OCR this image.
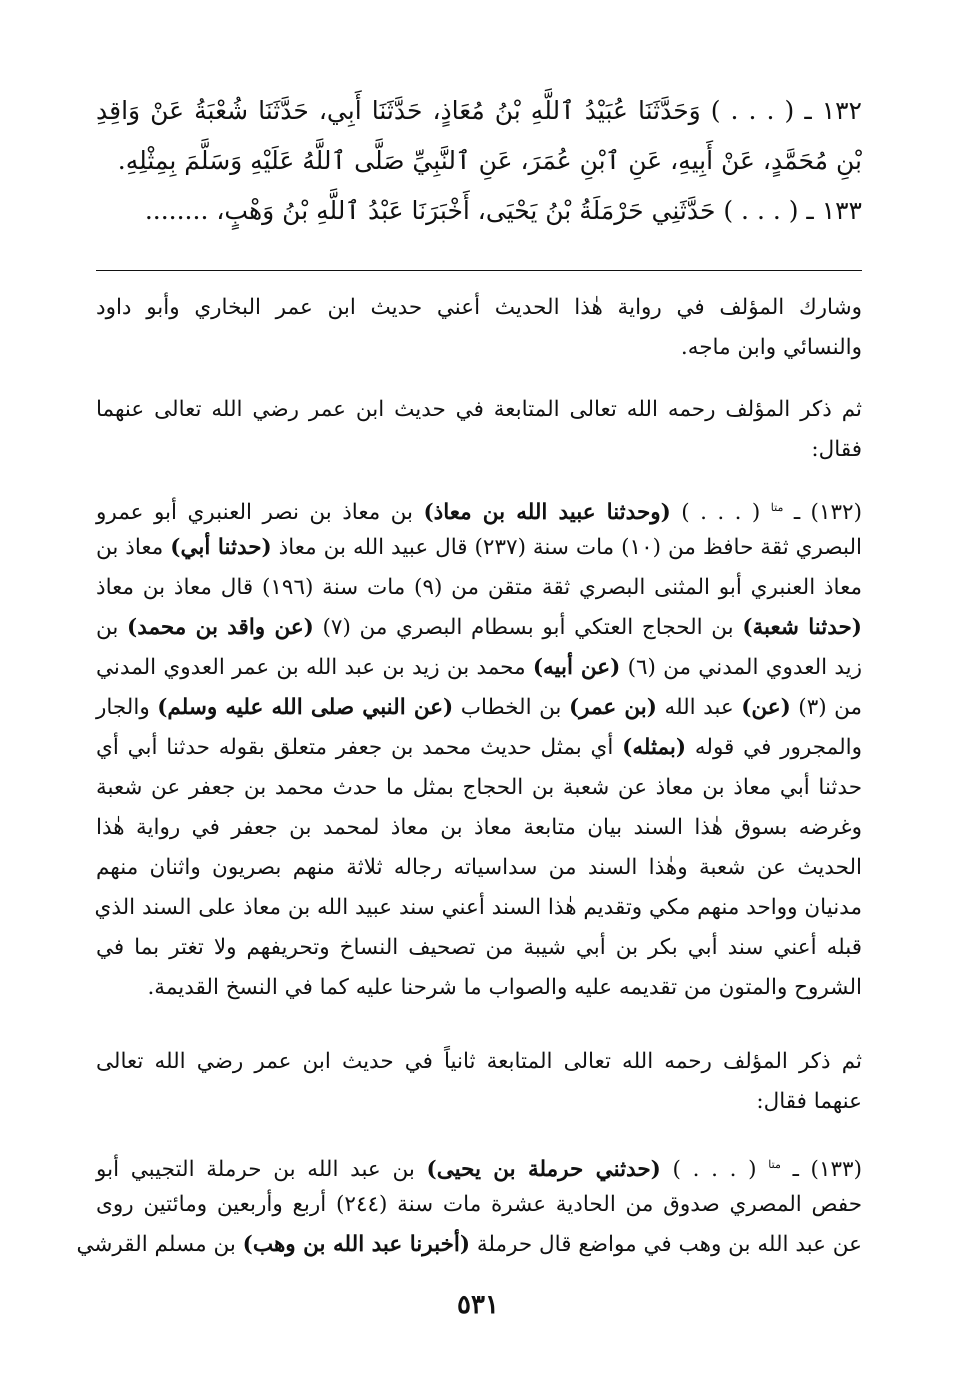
١٣٢ ـ ( . . . ) وَحَدَّثَنَا عُبَيْدُ ٱللَّهِ بْنُ مُعَاذٍ، حَدَّثَنَا أَبِي، حَدَّثَنَا شُعْبَةُ عَنْ وَاقِدِ
بْنِ مُحَمَّدٍ، عَنْ أَبِيهِ، عَنِ ٱبْنِ عُمَرَ، عَنِ ٱلنَّبِيِّ صَلَّى ٱللَّهُ عَلَيْهِ وَسَلَّمَ بِمِثْلِهِ.
١٣٣ ـ ( . . . ) حَدَّثَنِي حَرْمَلَةُ بْنُ يَحْيَى، أَخْبَرَنَا عَبْدُ ٱللَّهِ بْنُ وَهْبٍ، ........
وشارك المؤلف في رواية هٰذا الحديث أعني حديث ابن عمر البخاري وأبو داود
والنسائي وابن ماجه.
ثم ذكر المؤلف رحمه الله تعالى المتابعة في حديث ابن عمر رضي الله تعالى عنهما
فقال:
(١٣٢) ـ $^{متا}$ ( . . . ) (وحدثنا عبيد الله بن معاذ) بن معاذ بن نصر العنبري أبو عمرو
البصري ثقة حافظ من (١٠) مات سنة (٢٣٧) قال عبيد الله بن معاذ (حدثنا أبي) معاذ بن
معاذ العنبري أبو المثنى البصري ثقة متقن من (٩) مات سنة (١٩٦) قال معاذ بن معاذ
(حدثنا شعبة) بن الحجاج العتكي أبو بسطام البصري من (٧) (عن واقد بن محمد) بن
زيد العدوي المدني من (٦) (عن أبيه) محمد بن زيد بن عبد الله بن عمر العدوي المدني
من (٣) (عن) عبد الله (بن عمر) بن الخطاب (عن النبي صلى الله عليه وسلم) والجار
والمجرور في قوله (بمثله) أي بمثل حديث محمد بن جعفر متعلق بقوله حدثنا أبي أي
حدثنا أبي معاذ بن معاذ عن شعبة بن الحجاج بمثل ما حدث محمد بن جعفر عن شعبة
وغرضه بسوق هٰذا السند بيان متابعة معاذ بن معاذ لمحمد بن جعفر في رواية هٰذا
الحديث عن شعبة وهٰذا السند من سداسياته رجاله ثلاثة منهم بصريون واثنان منهم
مدنيان وواحد منهم مكي وتقديم هٰذا السند أعني سند عبيد الله بن معاذ على السند الذي
قبله أعني سند أبي بكر بن أبي شيبة من تصحيف النساخ وتحريفهم ولا تغتر بما في
الشروح والمتون من تقديمه عليه والصواب ما شرحنا عليه كما في النسخ القديمة.
ثم ذكر المؤلف رحمه الله تعالى المتابعة ثانياً في حديث ابن عمر رضي الله تعالى
عنهما فقال:
(١٣٣) ـ $^{متا}$ ( . . . ) (حدثني حرملة بن يحيى) بن عبد الله بن حرملة التجيبي أبو
حفص المصري صدوق من الحادية عشرة مات سنة (٢٤٤) أربع وأربعين ومائتين روى
عن عبد الله بن وهب في مواضع قال حرملة (أخبرنا عبد الله بن وهب) بن مسلم القرشي
٥٣١
